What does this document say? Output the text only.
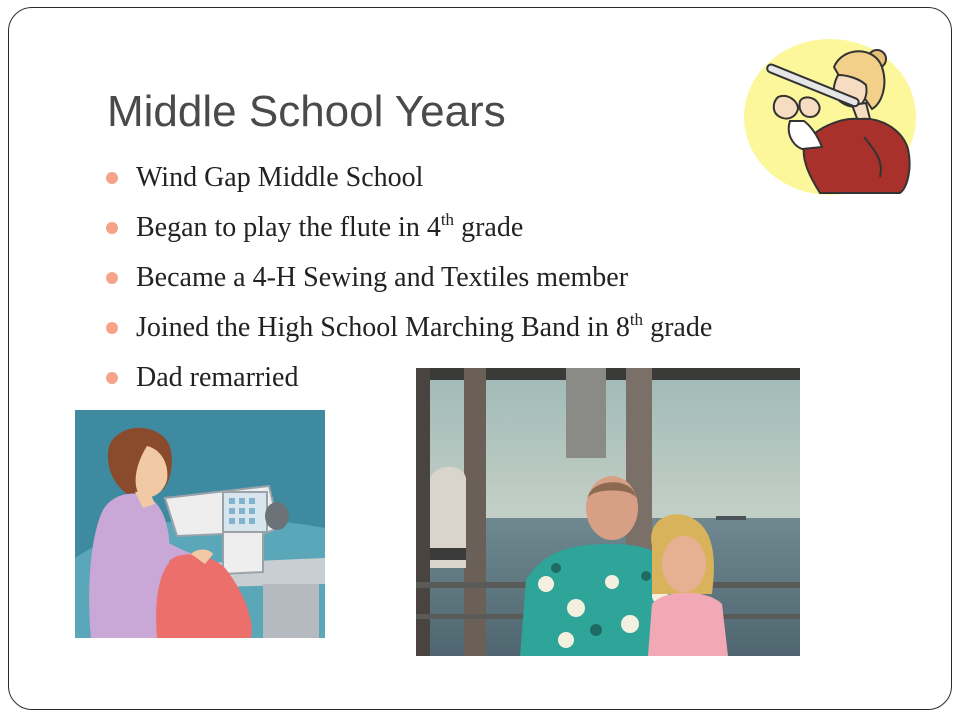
Middle School Years
Wind Gap Middle School
Began to play the flute in 4th grade
Became a 4-H Sewing and Textiles member
Joined the High School Marching Band in 8th grade
Dad remarried
